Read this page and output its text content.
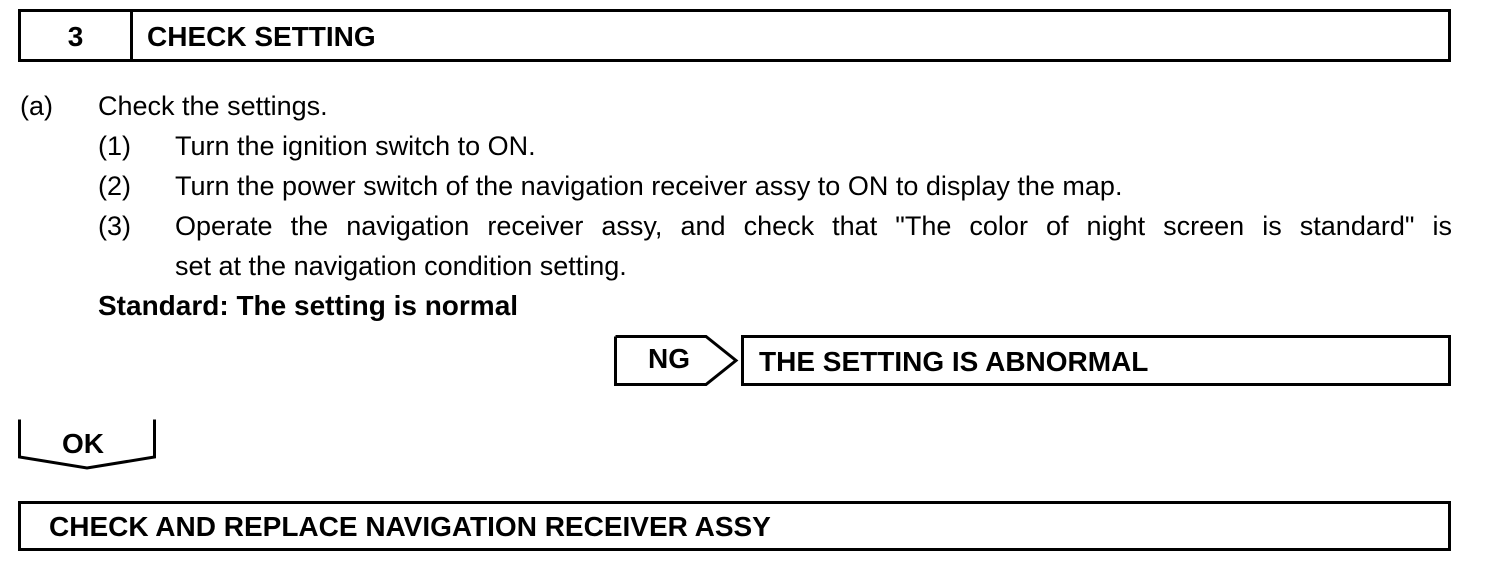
3	CHECK SETTING
(a) Check the settings.
(1) Turn the ignition switch to ON.
(2) Turn the power switch of the navigation receiver assy to ON to display the map.
(3) Operate the navigation receiver assy, and check that "The color of night screen is standard" is
set at the navigation condition setting.
Standard: The setting is normal
NG THE SETTING IS ABNORMAL
OK
CHECK AND REPLACE NAVIGATION RECEIVER ASSY
